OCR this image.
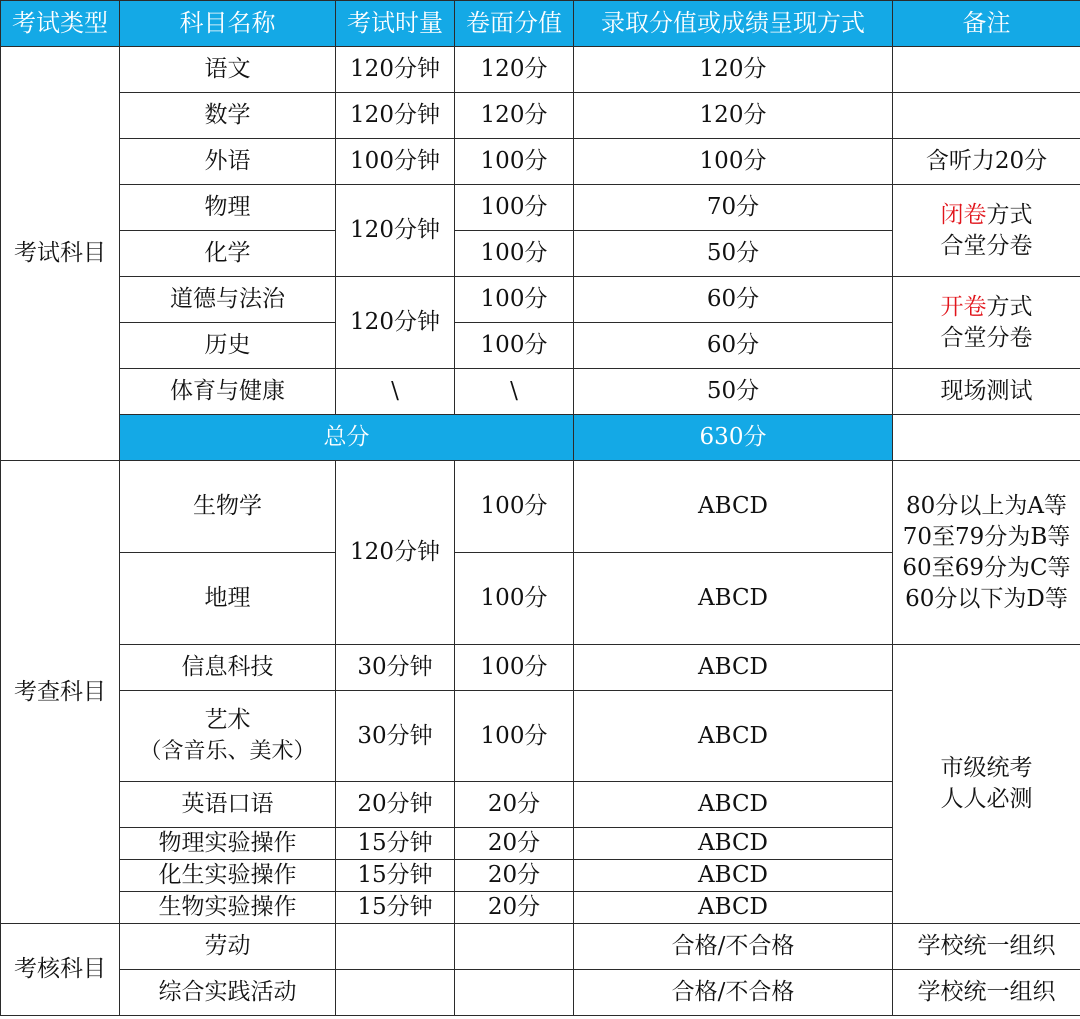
考试类型	科目名称	考试时量	卷面分值	录取分值或成绩呈现方式	备注
考试科目	语文	120分钟	120分	120分	
	数学	120分钟	120分	120分	
	外语	100分钟	100分	100分	含听力20分
	物理	120分钟	100分	70分	闭卷方式
合堂分卷

	化学		100分	50分	
	道德与法治	120分钟	100分	60分	开卷方式
合堂分卷

	历史		100分	60分	
	体育与健康	\	\	50分	现场测试
	总分			630分	
考查科目	生物学	120分钟	100分	ABCD	80分以上为A等
70至79分为B等
60至69分为C等
60分以下为D等

	地理		100分	ABCD	
	信息科技	30分钟	100分	ABCD	市级统考
人人必测

	艺术
（含音乐、美术）	30分钟	100分	ABCD	
	英语口语	20分钟	20分	ABCD	
	物理实验操作	15分钟	20分	ABCD	
	化生实验操作	15分钟	20分	ABCD	
	生物实验操作	15分钟	20分	ABCD	
考核科目	劳动			合格/不合格	学校统一组织
	综合实践活动			合格/不合格	学校统一组织
